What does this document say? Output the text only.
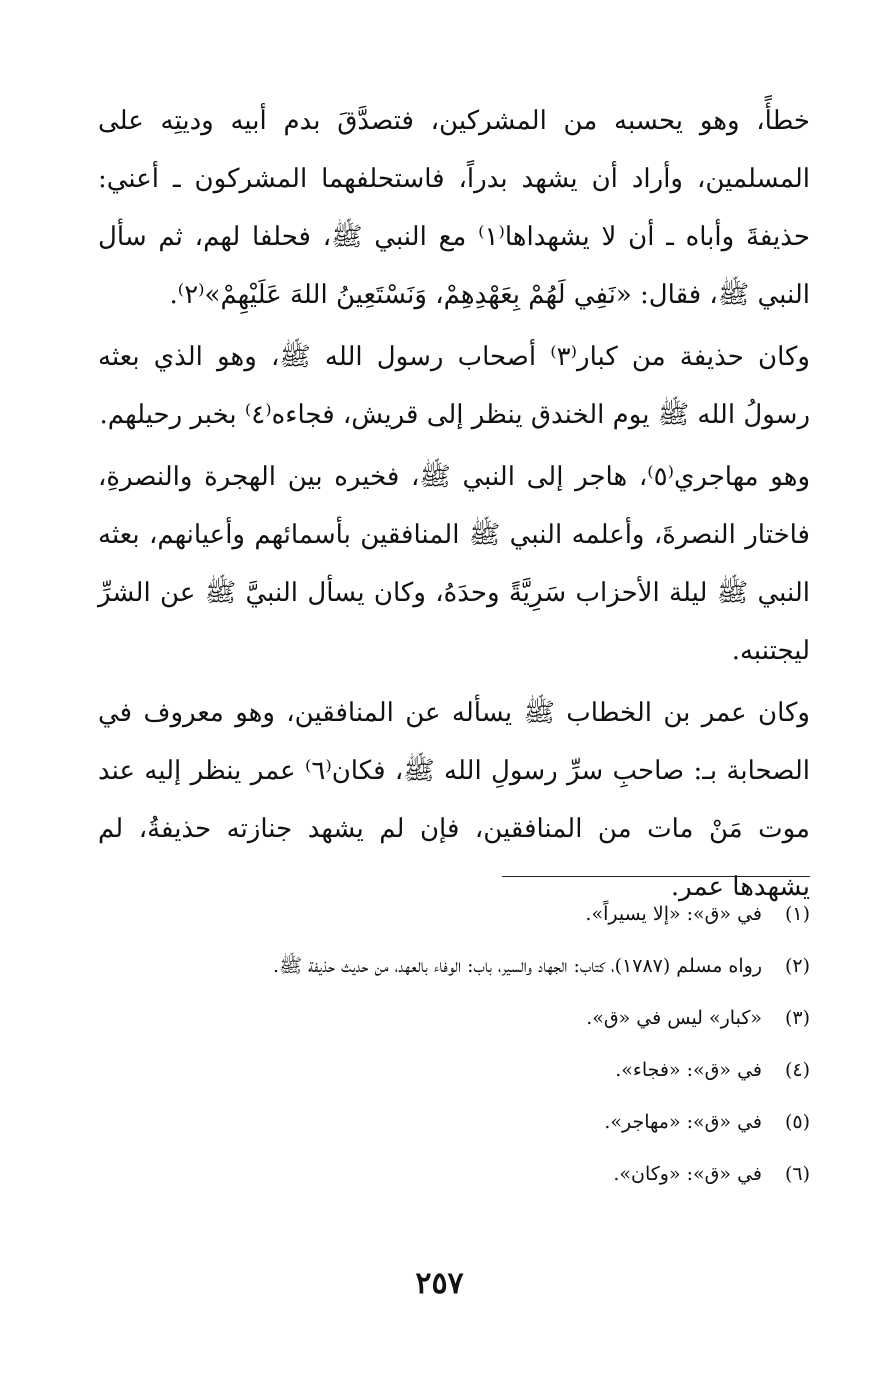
خطأً، وهو يحسبه من المشركين، فتصدَّقَ بدم أبيه وديتِه على المسلمين، وأراد أن يشهد بدراً، فاستحلفهما المشركون ـ أعني: حذيفةَ وأباه ـ أن لا يشهداها⁽١⁾ مع النبي ﷺ، فحلفا لهم، ثم سأل النبي ﷺ، فقال: «نَفِي لَهُمْ بِعَهْدِهِمْ، وَنَسْتَعِينُ اللهَ عَلَيْهِمْ»⁽٢⁾.

وكان حذيفة من كبار⁽٣⁾ أصحاب رسول الله ﷺ، وهو الذي بعثه رسولُ الله ﷺ يوم الخندق ينظر إلى قريش، فجاءه⁽٤⁾ بخبر رحيلهم.

وهو مهاجري⁽٥⁾، هاجر إلى النبي ﷺ، فخيره بين الهجرة والنصرةِ، فاختار النصرةَ، وأعلمه النبي ﷺ المنافقين بأسمائهم وأعيانهم، بعثه النبي ﷺ ليلة الأحزاب سَرِيَّةً وحدَهُ، وكان يسأل النبيَّ ﷺ عن الشرِّ ليجتنبه.

وكان عمر بن الخطاب ﷺ يسأله عن المنافقين، وهو معروف في الصحابة بـ: صاحبِ سرِّ رسولِ الله ﷺ، فكان⁽٦⁾ عمر ينظر إليه عند موت مَنْ مات من المنافقين، فإن لم يشهد جنازته حذيفةُ، لم يشهدها عمر.

(١)
في «ق»: «إلا يسيراً».
(٢)
رواه مسلم (١٧٨٧)، كتاب: الجهاد والسير، باب: الوفاء بالعهد، من حديث حذيفة ﷺ.
(٣)
«كبار» ليس في «ق».
(٤)
في «ق»: «فجاء».
(٥)
في «ق»: «مهاجر».
(٦)
في «ق»: «وكان».
٢٥٧
